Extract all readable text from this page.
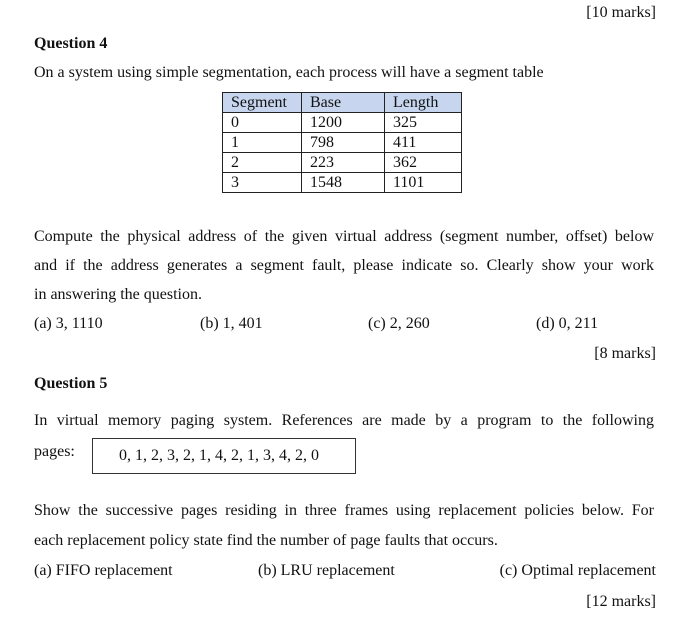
[10 marks]
Question 4
On a system using simple segmentation, each process will have a segment table
Segment	Base	Length
0	1200	325
1	798	411
2	223	362
3	1548	1101
Compute the physical address of the given virtual address (segment number, offset) below
and if the address generates a segment fault, please indicate so. Clearly show your work
in answering the question.
(a) 3, 1110	(b) 1, 401	(c) 2, 260	(d) 0, 211
[8 marks]
Question 5
In virtual memory paging system. References are made by a program to the following
pages:	0, 1, 2, 3, 2, 1, 4, 2, 1, 3, 4, 2, 0
Show the successive pages residing in three frames using replacement policies below. For
each replacement policy state find the number of page faults that occurs.
(a) FIFO replacement	(b) LRU replacement	(c) Optimal replacement
[12 marks]
